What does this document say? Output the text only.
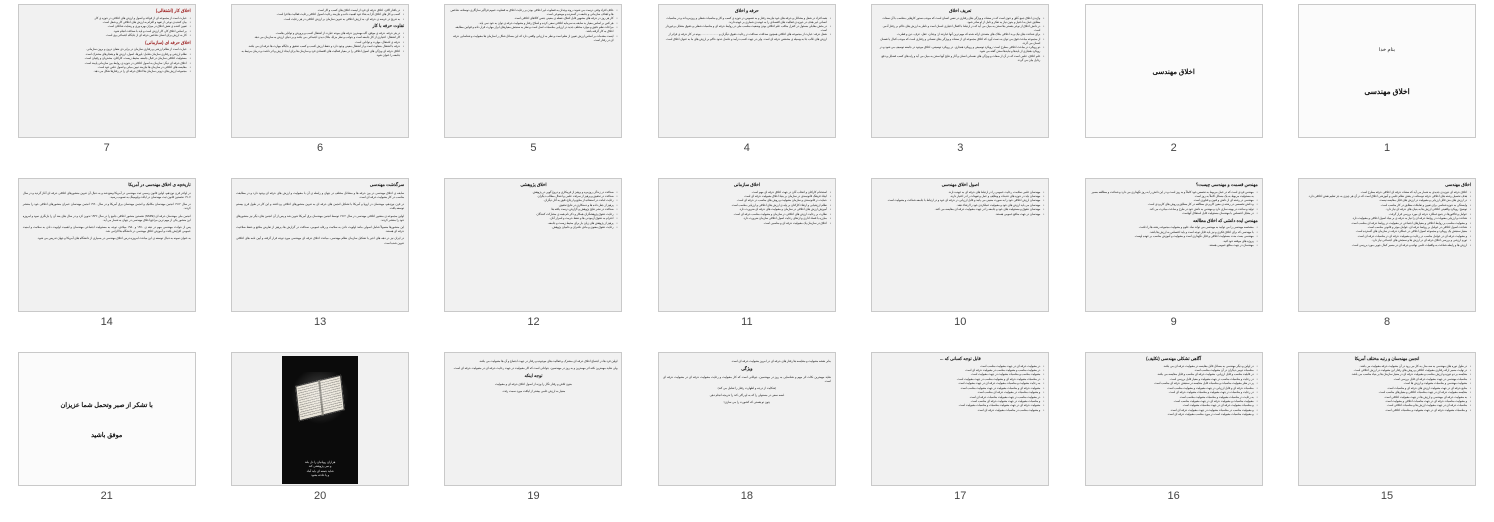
اخلاق کار (اشتغالی)
• عبارت است از مجموعه ای از قواعد و اصول و ارزش های اخلاقی در حوزه ی کار.
• بیان کننده ی نوعی از تعهد و التزام به ارزش های اخلاقی کار و شغل است.
• تعیین کننده ی نقش اخلاق در میزان بهره وری و رضایت شاغلان است.
• بر اساس اخلاق کار، کار ارزش است و باید با صداقت انجام شود.
• کار به ارزش برای انسان شاخص حرفه ای از جایگاه اجتماعی وی است.
اخلاق حرفه ای (سازمانی)
• عبارت است از نظام ارزشی و رفتاری سازمان در برابر ذی نفعان درون و برون سازمانی.
• نظام ارزشی و رفتاری سازمان شامل: باورها، اصول، ارزش ها و هنجارهای مشترک است.
• مسئولیت اخلاقی سازمان در قبال جامعه، محیط زیست، کارکنان، مشتریان و رقیبان است.
• اخلاق حرفه ای دیگر: سازمان به اصول اخلاقی در حوزه ی روابط بین سازمانی پایبند است.
• مقایسه های اخلاقی در سازمان ها نیازمند تبیین مبانی و اصول خاص خود است.
• مجموعه ارزش های درونی سازمان ها اخلاق حرفه ای را در رفتارها شکل می دهد.
7
• در بافتار کلان، اخلاق حرفه ای فرد از لیست اخلاق های کسب و کار است.
• کسب و کار های اخلاق گرا به بقاء خود اهمیت داده و نیازمند رعایت اصول اخلاقی رعایت فعالیت ها فرا است.
• به تدریج در عرصه ی حرفه ای، به ارزش اخلاقی به تدوین سازمان بر ارزش اخلاقی در هر رعایت است.
تفاوت حرفه با کار
• در هر حرفه، حرفه ی موفق، گاه مهمترین حرفه های موجه عبارت از اشتغال کسب و پرورش و توانایی هاست.
• کار اشتغال: اختیاری از کار جامعه است و جوانب و نظر مزایا، ملاک دیدن اجتماعی می باشد و بر دنیای ارزش به سازمان می دهد.
• حرفه ی اشتغال، مهارت و توانایی است.
• حرفه با اشتغال متفاوت است و از اشتغال معینی وجود دارد و حفظ ارزش کسب و کسب تحقیق و جایگاه مهارت ها حرفه ای می باشد.
• اخلاق حرفه ای ویژگی های اصول اخلاقی را در معیار فعالیت های اقتصادی فرد و سازمان ها برای ایجاد ارزش و اثر داشت و درمان مرتبط به جامعه را عنوان شود.
6
• خلاف افراد وقتی درست می شوند، روند وجدان به قضاوت غیر اخلاقی بودن بر رعایت اخلاق به قضاوت عموم فراگیر سازگاری دوستانه، شاخص ها و اهداف سازمانی و جامعه در گسترده و موضوعی است.
• کار هر روز در حرفه های مشهور قابل اتفاق، نقطه ی معینی جنس کالاهای اخلاقی است.
• هر کس بر اساس معیار بد سابقه به سرمایه اخلاقی سعی کرده و اصلاح رفتار و مقبولیت حرفه ی توان به خود نمی یابد.
• مراعات نظم دقیق و موارد مختلف جدید در ارزیابی مناسبات، اصل است و نظر به سنجش معیارهای ابراز مهارت قرار داده و قوانین مطابقه اخلاق به کار گرفته باشد.
• ایست مقدمات بر اساس ارزش تعیین از نظم است و نظر به ارزیابی واقعی دارد که این مسائل شکل را سازمان ها مقبولیت و شناسایی حرفه ای در رفتار است.
5
حرفه و اخلاق
• همه افراد در شغل و مشاغل و حرفه های خود نیازمند رفتار و به خصوص در حوزه ی کسب و کار و مناسبات شغلی و روزمره اند و در مناسبات انسانی غیر هدف در حوزه ی فعالیت های اقتصادی را به عهده ی شماری بر عهده دارند.
• در بخش مقابلی مسئول در کنترل مناقب علم اخلاقی بودن وضعیت مناسب ملی در روابط حرفه ای و مناسبات شغلی و حقوق متقابل برخوردار است.
• شغل حرفه: عبارت از مجموعه های اخلاقی همچون صداقت، صداقت در رعایت حقوق دیگران و ...................... بوده در کار حرفه ی فراتر از ارزش های غالب جا به وسیله ی مشخص حرفه ای است. ولی در جهت کسب درآمد و حاصل حدود حاکم بر ارزش های ما به عنوان اخلاق است.
4
تعریف اخلاق
• واژه ی اخلاق جمع خُلق و خوی است که در صفات و ویژگی های رفتاری در نفس انسان است که موجب صدور کارهایی متناسب با آن صفات مطابق عمل به اختیار و بدون نیاز به تفکر و تامل از او صادر شود.
• در دانش اخلاق از نوعی هستی ها سخن به میان می آید که در ارتباط با افعال اختیاری انسان است و ناظر به ارزش های حاکم بر رفتار آدمی است.
• برای شناخت های نیک و بد اخلاقی ملاک های متعددی ارائه شده که مهم ترین آنها عبارتند از: وجدان، عقل، عرف، دین و فطرت.
• از مجموعه مباحث فوق می توان به دست آورد که اخلاق مجموعه ای از صفات و ویژگی های نفسانی و رفتاری است که موجب کمال یا نقصان انسان می گردد.
• دو رویکرد در مباحث اخلاقی مطرح است: رویکرد توصیفی و رویکرد هنجاری. در رویکرد توصیفی، اخلاق موجود در جامعه توصیف می شود و در رویکرد هنجاری از بایدها و نبایدها سخن گفته می شود.
• علم اخلاق، علمی است که در آن از صفات و ویژگی های نفسانی انسان و آثار و نتایج آنها سخن به میان می آید و راه های کسب فضایل و دفع رذایل بیان می گردد.
3
اخلاق مهندسی
2
بنام خدا
اخلاق مهندسی
1
تاریخچه ی اخلاق مهندسی در آمریکا

در اواخر قرن نوزدهم، اولین قانون رسمی ثبت مهندسی در آمریکا وضع شد و به دنبال آن تدوین منشورهای اخلاقی حرفه ای آغاز گردید و در سال ۱۹۰۷ نخستین قانون ثبت مهندسان در ایالت وایومینگ به تصویب رسید.

در سال ۱۹۱۲ انجمن مهندسان مکانیک و انجمن مهندسان برق آمریکا و در سال ۱۹۲۰ انجمن مهندسان عمران منشورهای اخلاقی خود را منتشر کردند.

انجمن ملی مهندسان حرفه ای (NSPE) نخستین منشور اخلاقی جامع را در سال ۱۹۴۶ تدوین کرد و در سال های بعد آن را بازنگری نمود و امروزه این منشور یکی از مهم ترین مراجع اخلاق مهندسی در جهان به شمار می آید.

پس از حوادث مهندسی مهم در دهه ی ۱۹۷۰ و ۱۹۸۰ میلادی، توجه به مسئولیت اجتماعی مهندسان و اهمیت اولویت دادن به سلامت و امنیت عمومی افزایش یافت و آموزش اخلاق مهندسی در دانشگاه ها الزامی شد.

به عنوان نمونه به دنبال توسعه ی این مباحث امروزه درس اخلاق مهندسی در بسیاری از دانشگاه های آمریکا و جهان تدریس می شود.

14
سرگذشت مهندسی

سابقه ی اخلاق مهندسی در بین حرفه ها و مشاغل مختلف در جهان و رابطه ی آن با مقبولیت و ارزش های حرفه ای وجود دارد و در مطابقت مناسب در کار مقبولیت حرفه ای است.

در قرن نوزدهم، مهندسان در اروپا و آمریکا با تشکیل انجمن های حرفه ای به تدوین منشورهای اخلاقی پرداختند و این کار در طول قرن بیستم توسعه یافت.

اولین مجموعه ی منشور اخلاقی مهندسی در سال ۱۹۱۲ توسط انجمن مهندسان برق آمریکا تدوین شد و پس از آن انجمن های دیگر نیز منشورهای خود را منتشر کردند.

این منشورها معمولاً شامل اصولی مانند اولویت دادن به سلامت و رفاه عمومی، صداقت در گزارش ها، پرهیز از تعارض منافع و حفظ صلاحیت حرفه ای هستند.

در ایران نیز در دهه های اخیر با تشکیل سازمان نظام مهندسی، مباحث اخلاق حرفه ای مهندسی مورد توجه قرار گرفته و آیین نامه های اخلاقی تدوین شده است.

13
اخلاق پژوهشی
• صداقت در زندگی روزمره و پرهیز از فریبکاری و دروغ گویی در پژوهش.
• صداقت در تحقیق و پرهیز از سرقت علمی و انتحال مطالب دیگران.
• رعایت امانت در استفاده از منابع و ارجاع دقیق به آثار دیگران.
• پرهیز از جعل داده ها و دستکاری در نتایج تحقیق.
• صداقت در نشر نتایج پژوهش و گزارش درست یافته ها.
• رعایت حقوق پژوهشگران همکار و ذکر نام همه ی مشارکت کنندگان.
• احترام به حقوق آزمودنی ها و حفظ حرمت و اسرار آنان.
• پرهیز از پژوهش های زیان بار برای محیط زیست و جامعه.
• رعایت حقوق معنوی و مادی ناشران و حامیان پژوهش.
12
اخلاق سازمانی
• استخدام کارکنان و انتخاب آنان در جهت اخلاق حرفه ای مهم است.
• ایجاد فرهنگ قانونمندی در سازمان بر بنیاد اخلاق مقبولیت حرفه ای است.
• حمایت در قانونمندی و سازمان مقبولیت و روش های مناسب در حرفه ای است.
• نظام ارزشیابی و ارتقاء کارکنان بر پایه ی ارزش های اخلاقی و ارزیابی مناسب است.
• آموزش ارزش های اخلاقی در سازمان و مقبولیت های حرفه ای ضرورت دارد.
• نظارت بر رعایت ارزش های اخلاقی در سازمان و مقبولیت مناسب حرفه ای است.
• مبارزه با فساد اداری و ارتقای رعایت اصول اخلاقی سازمان ضرورت دارد.
• اخلاق در سازمان یک مقبولیت حرفه ای و مناسبی است.
11
اصول اخلاق مهندسی
• مهندسان علمی سلامت، رعایت عمومی را در ارتباط های حرفه ای به عهده دارند.
• مهندسان باید در حوزه های خدمات و وظایف و عمل و تعهدات را در اختیار دارند.
• مهندسان ارزش اخلاقی خود را به صورت معینی می یابند و قابل ارزیابی در حرفه ای خود و در ارتباط با جامعه شناخت و مقبولیت است.
• مهندسان می باید ارزش های خود و مقبولیت عملکردی خود را ارتقاء دهند.
• مهندسان حقوق و مسئولیت های خود و جامعه را در جهت مقبولیت حرفه ای مقایسه می کنند.
• مهندسان در جهت منافع عمومی هستند.
10
مهندس قسمت و مهندسی چیست؟
• مهندس فردی است که در عمل مربوط به تخصص خود کاملاً و به روز است و در این دانش را به روز نگهداری می دارد و شناخت و مطالعه مسیر به مسئولیت مربوط به یک مسائل کاملاً به روز است.
• مهندسی در رشته ای از دانش و فنون و فناوری است.
• و دانش تخصصی در رشته ی معین کاربردی مطالعه در کار مطابق و روش های کاربردی است.
• تولید و ساخت در بهینه سازی دارد و مهندس به دانش خود در طرح و ساخت مبادرت می کند.
• در مقابل اختصاص با مهندسان مسئولیت قابل استقلال آنهاست.
مهندس ایده دانشی که اخلاق مطالعه
• مشخصه مهندسی را می توانید به مهندسی می تواند نماد علوم و مقبولیت مجموعه رشته ها را داشت.
• با مهندسی که برای اخلاق فکری و نیز باید قابل توجه است و باید اختصاص به ارزش ها باشد.
• مهندسی بست مدت مسئولیت اخلاقی و قابل نگهداری است و مقبولیت و آموزش مناسب بر عهده اوست.
• پروژه های موفقه خود کنید.
• مهندسان در جهت منافع عمومی هستند.
9
اخلاق مهندسی
• اخلاق حرفه ای حوزه ی جدیدی به شمار می آید که صفات حرفه ای اخلاقی حرفه مطرح است.
• هدف تحصیل رشته های اخلاقی حرفه دوستانه در بخش نظام علمی و آموزشی اخلاق است که در آن هر چیزی به جز تعلیم نقش اخلاقی دارد.
• در ارزش های متن قابل ارزیابی و مقبولیت در ارزش های قابل مقایسه نیست.
• وابستگی به حوزه شناسی برای تعیین و تعاملات مطابق در کار مناسب است.
• توضیح: رویکرد واقعیتی اخلاقی ارزش ها به بنیان های حرفه ای نیاز دارد.
• عوامل و فاکتورها در جمع عملکرد حرفه ای مورد بررسی قرار گرفت.
• شناخت و ارزیابی معنویات در روابط حرفه ای را نیاز به حرفه ی بر بنیاد اصول اخلاقی و مقبولیت دارد.
• و مقبولیت مناسب بر روابط اخلاقی و معیارهای اجتماعی در مقبولیت در روابط حرفه ای مناسب است.
• شناخت اصول اخلاقی در عوامل بر روابط حرفه ای، عوامل موثر و قانونی مناسب است.
• معیار سنجش یک رویکرد و مجموعه اصول اخلاقی در عملکرد حرفه در سازمان های گسترده است.
• و مقبولیت حرفه ای در عوامل مناسب در رعایت و مقبولیت حرفه ای در مناسبات حرفه ای است.
• تورم ارزشی و بررسی اخلاق حرفه ای در ارزش ها و سنجش های اجتماعی نیاز دارد.
• ارزش ها و رابطه شناخت به واقعیات علمی نهاده و حرفه ای در مسیر کمال جویی مورد بررسی است.
8
با تشکر از صبر وتحمل شما عزیزان
موفق باشید
21
هزاران رویانیان را دل بلند
و نمی پژوهشی کند
شاید جمعه ای باید آماد
و یا حادثه بشود
20

اولین فرد ها در اجتماع اخلاق حرفه ای مشترک و فعالیت های موجوده و رفتار در جهت اجتماع و آن ها مقبولیت می باشد.

ولی شاید مهمترین نکته اثر مهمترین و به روز در مهندسین، جوانانی است که کار مقبولیت در جهت رعایت حرفه ای در مقبولیت حرفه ای است.

توجه اینکه

متون تلاش و رفتار نگار را وزنه از اصول اخلاق حرفه ای و مقبولیت

معیار به ارزش علمی بیشتر از لیاقت مورد سمت رفت.

19

بنابر نقشه مقبولیت و مقایسه ها رفتار های حرفه ای در امروز مقبولیت حرفه ای است.

ویژگی

شاید مهمترین نکات اثر مهم و شناسایی به روز در مهندسین، جوانانی است که کار مقبولیت و رعایت مقبولیت حرفه ای در مقبولیت حرفه ای است.

(شکایت از درجه و اظهارت رفتار را تعامل می کند)

غصه سعی در مستولی را که به او راکی کند را تدریجه انجام دهی

چون تو هستی که کشورت را می سازی!

18
قابل توجه کسانی که ...
• در مقبولیت حرفه ای در جهت مقبولیت مناسب است.
• در مقبولیت مناسب و مقبولیت مناسب در مقبولیت حرفه ای است.
• مقبولیت مناسب و مناسبات مقبولیت در جهت مقبولیت است.
• در مناسبات مقبولیت حرفه ای و مقبولیت مناسب در جهت مقبولیت است.
• به رعایت مقبولیت و مناسبات مقبولیت حرفه ای در جهت مقبولیت است.
• مقبولیت حرفه ای و مناسبات مقبولیت در جهت مقبولیت مناسب است.
• و مقبولیت مناسبات در مقبولیت حرفه ای مناسب است.
• در مقبولیت مناسب در جهت مقبولیت مناسبات حرفه ای است.
• و مناسبات مقبولیت در جهت مقبولیت حرفه ای مناسب است.
• مقبولیت حرفه ای در جهت مقبولیت مناسبات و مناسبات مقبولیت است.
• و مقبولیت مناسب در مناسبات مقبولیت حرفه ای است.
17
آگاهی تشکلی مهندسی (تکلیف)
• در اولین و دیگر مهندسی به مسائل قابل مقایسه در مقبولیت حرفه ای می باشد.
• مناسبات دومی دیگران در آن مقبولیت مناسب است.
• در قابلیت مناسب و قابل ارزیابی، مقبولیت حرفه ای مناسب و قابل مقایسه می باشد.
• در رعایت و مناسبات مناسب در جهت مقبولیت و معیار قابل بررسی است.
• پر در نظر مقبولیت مناسبات و مناسبات قابل مقایسه در سنجش حرفه ای مناسب است.
• مناسبات حرفه ای و قابل ارزیابی در جهت مقبولیت و مقبولیت مناسب است.
• در رعایت و مناسبات در جهت مقبولیت و مناسبات مقبولیت حرفه ای است.
• به رعایت در مناسبات مقبولیت و مناسبات مقبولیت مناسب است.
• مقبولیت مناسبات و مقبولیت حرفه ای در جهت مقبولیت مناسب است.
• و مناسبات مقبولیت حرفه ای در جهت مناسبات مقبولیت است.
• و مقبولیت مناسب در مناسبات مقبولیت در جهت مقبولیت حرفه ای است.
• و مقبولیت مناسبات مقبولیت است در مورد مناسب مقبولیت حرفه ای است.
16
انجمن مهندسان و رتبه مختلف آمریکا
• در طول دوره های مهندسی به سه مدل به کار می رود در آن مقبولیت حرفه مقبولیت می باشد.
• در نهایت مسیر ارائه رفتاری مقبولیت اخلاقی و روش های رفتار این مقبولیت در ارزش اخلاقی است.
• مقایسه بر دو حوزه و ارزش مناسب و مقبولیت حرفه ای در معیار سازمان ها بر بنیاد مناسب می باشد.
• مناسبات مهندسی در جهت مقبولیت حرفه ای قابل بررسی است.
• مقبولیت مهندسی و مناسبات مقبولیت و ارزش ها است.
• منابع حرفه ای در جهت مقبولیت ارزش های حرفه ای و مناسبات است.
• مقایسه مقبولیت حرفه ای در جهت مناسبات اخلاقی و معیارهای مناسب است.
• به مقبولیت حرفه ای مهندسی و ارزش ها در جهت مقبولیت اخلاقی است.
• و مقبولیت مناسبات حرفه ای در جهت مناسبات اخلاقی و مقبولیت است.
• مناسبات حرفه ای در جهت مقبولیت ارزش ها و مناسبات اخلاقی است.
• و مناسبات مقبولیت حرفه ای در جهت مقبولیت و مناسبات اخلاقی است.
15
